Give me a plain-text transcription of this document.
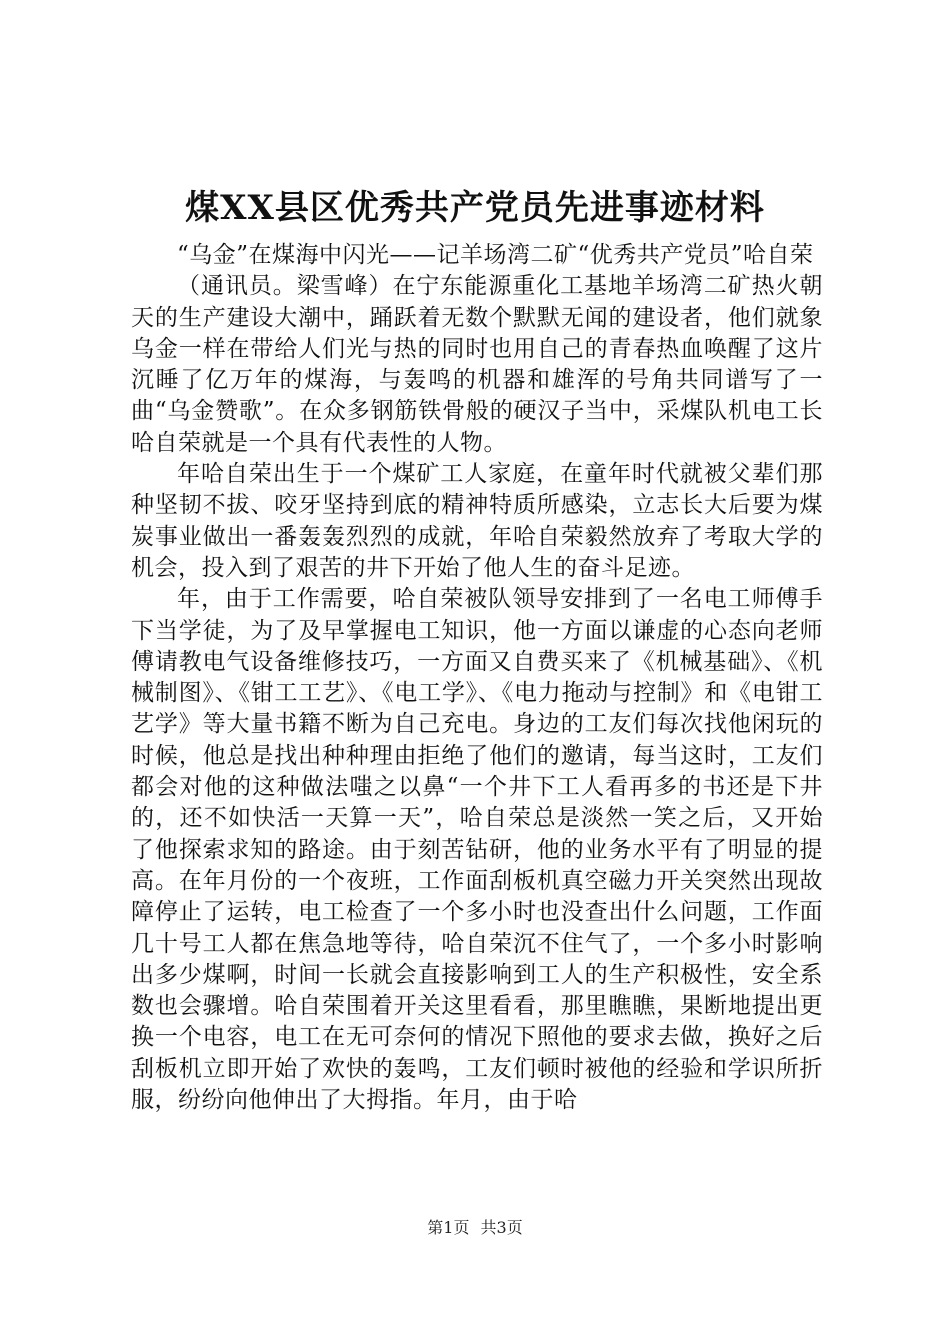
煤XX县区优秀共产党员先进事迹材料

“乌金”在煤海中闪光——记羊场湾二矿“优秀共产党员”哈自荣

（通讯员。梁雪峰）在宁东能源重化工基地羊场湾二矿热火朝天的生产建设大潮中，踊跃着无数个默默无闻的建设者，他们就象乌金一样在带给人们光与热的同时也用自己的青春热血唤醒了这片沉睡了亿万年的煤海，与轰鸣的机器和雄浑的号角共同谱写了一曲“乌金赞歌”。在众多钢筋铁骨般的硬汉子当中，采煤队机电工长哈自荣就是一个具有代表性的人物。

年哈自荣出生于一个煤矿工人家庭，在童年时代就被父辈们那种坚韧不拔、咬牙坚持到底的精神特质所感染，立志长大后要为煤炭事业做出一番轰轰烈烈的成就，年哈自荣毅然放弃了考取大学的机会，投入到了艰苦的井下开始了他人生的奋斗足迹。

年，由于工作需要，哈自荣被队领导安排到了一名电工师傅手下当学徒，为了及早掌握电工知识，他一方面以谦虚的心态向老师傅请教电气设备维修技巧，一方面又自费买来了《机械基础》、《机械制图》、《钳工工艺》、《电工学》、《电力拖动与控制》和《电钳工艺学》等大量书籍不断为自己充电。身边的工友们每次找他闲玩的时候，他总是找出种种理由拒绝了他们的邀请，每当这时，工友们都会对他的这种做法嗤之以鼻“一个井下工人看再多的书还是下井的，还不如快活一天算一天”，哈自荣总是淡然一笑之后，又开始了他探索求知的路途。由于刻苦钻研，他的业务水平有了明显的提高。在年月份的一个夜班，工作面刮板机真空磁力开关突然出现故障停止了运转，电工检查了一个多小时也没查出什么问题，工作面几十号工人都在焦急地等待，哈自荣沉不住气了，一个多小时影响出多少煤啊，时间一长就会直接影响到工人的生产积极性，安全系数也会骤增。哈自荣围着开关这里看看，那里瞧瞧，果断地提出更换一个电容，电工在无可奈何的情况下照他的要求去做，换好之后刮板机立即开始了欢快的轰鸣，工友们顿时被他的经验和学识所折服，纷纷向他伸出了大拇指。年月，由于哈

第1页 共3页
